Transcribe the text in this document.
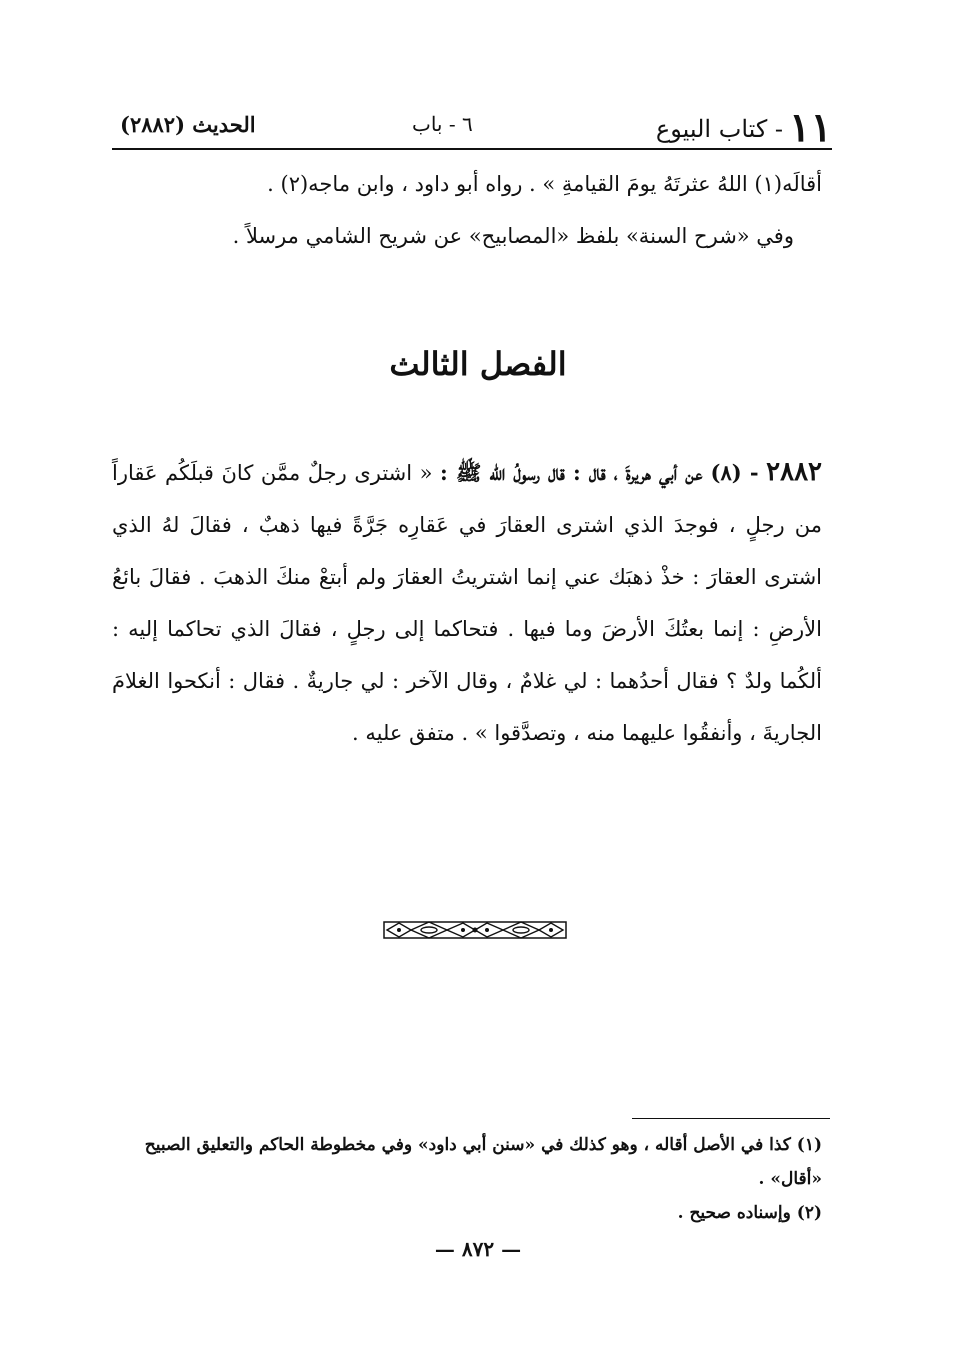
١١- كتاب البيوع
٦ - باب
الحديث (٢٨٨٢)

أقالَه(١) اللهُ عثرتَهُ يومَ القيامةِ » . رواه أبو داود ، وابن ماجه(٢) .

وفي «شرح السنة» بلفظ «المصابيح» عن شريح الشامي مرسلاً .

الفصل الثالث
٢٨٨٢ - (٨) عن أبي هريرةَ ، قال : قال رسولُ الله ﷺ : « اشترى رجلٌ ممَّن كانَ قبلَكُم عَقاراً من رجلٍ ، فوجدَ الذي اشترى العقارَ في عَقارِه جَرَّةً فيها ذهبٌ ، فقالَ لهُ الذي اشترى العقارَ : خذْ ذهبَك عني إنما اشتريتُ العقارَ ولم أبتعْ منكَ الذهبَ . فقالَ بائعُ الأرضِ : إنما بعتُكَ الأرضَ وما فيها . فتحاكما إلى رجلٍ ، فقالَ الذي تحاكما إليه : ألكُما ولدٌ ؟ فقال أحدُهما : لي غلامٌ ، وقال الآخر : لي جاريةٌ . فقال : أنكحوا الغلامَ الجاريةَ ، وأنفقُوا عليهما منه ، وتصدَّقوا » . متفق عليه .

(١) كذا في الأصل أقاله ، وهو كذلك في «سنن أبي داود» وفي مخطوطة الحاكم والتعليق الصبيح «أقال» .

(٢) وإسناده صحيح .

— ٨٧٢ —
